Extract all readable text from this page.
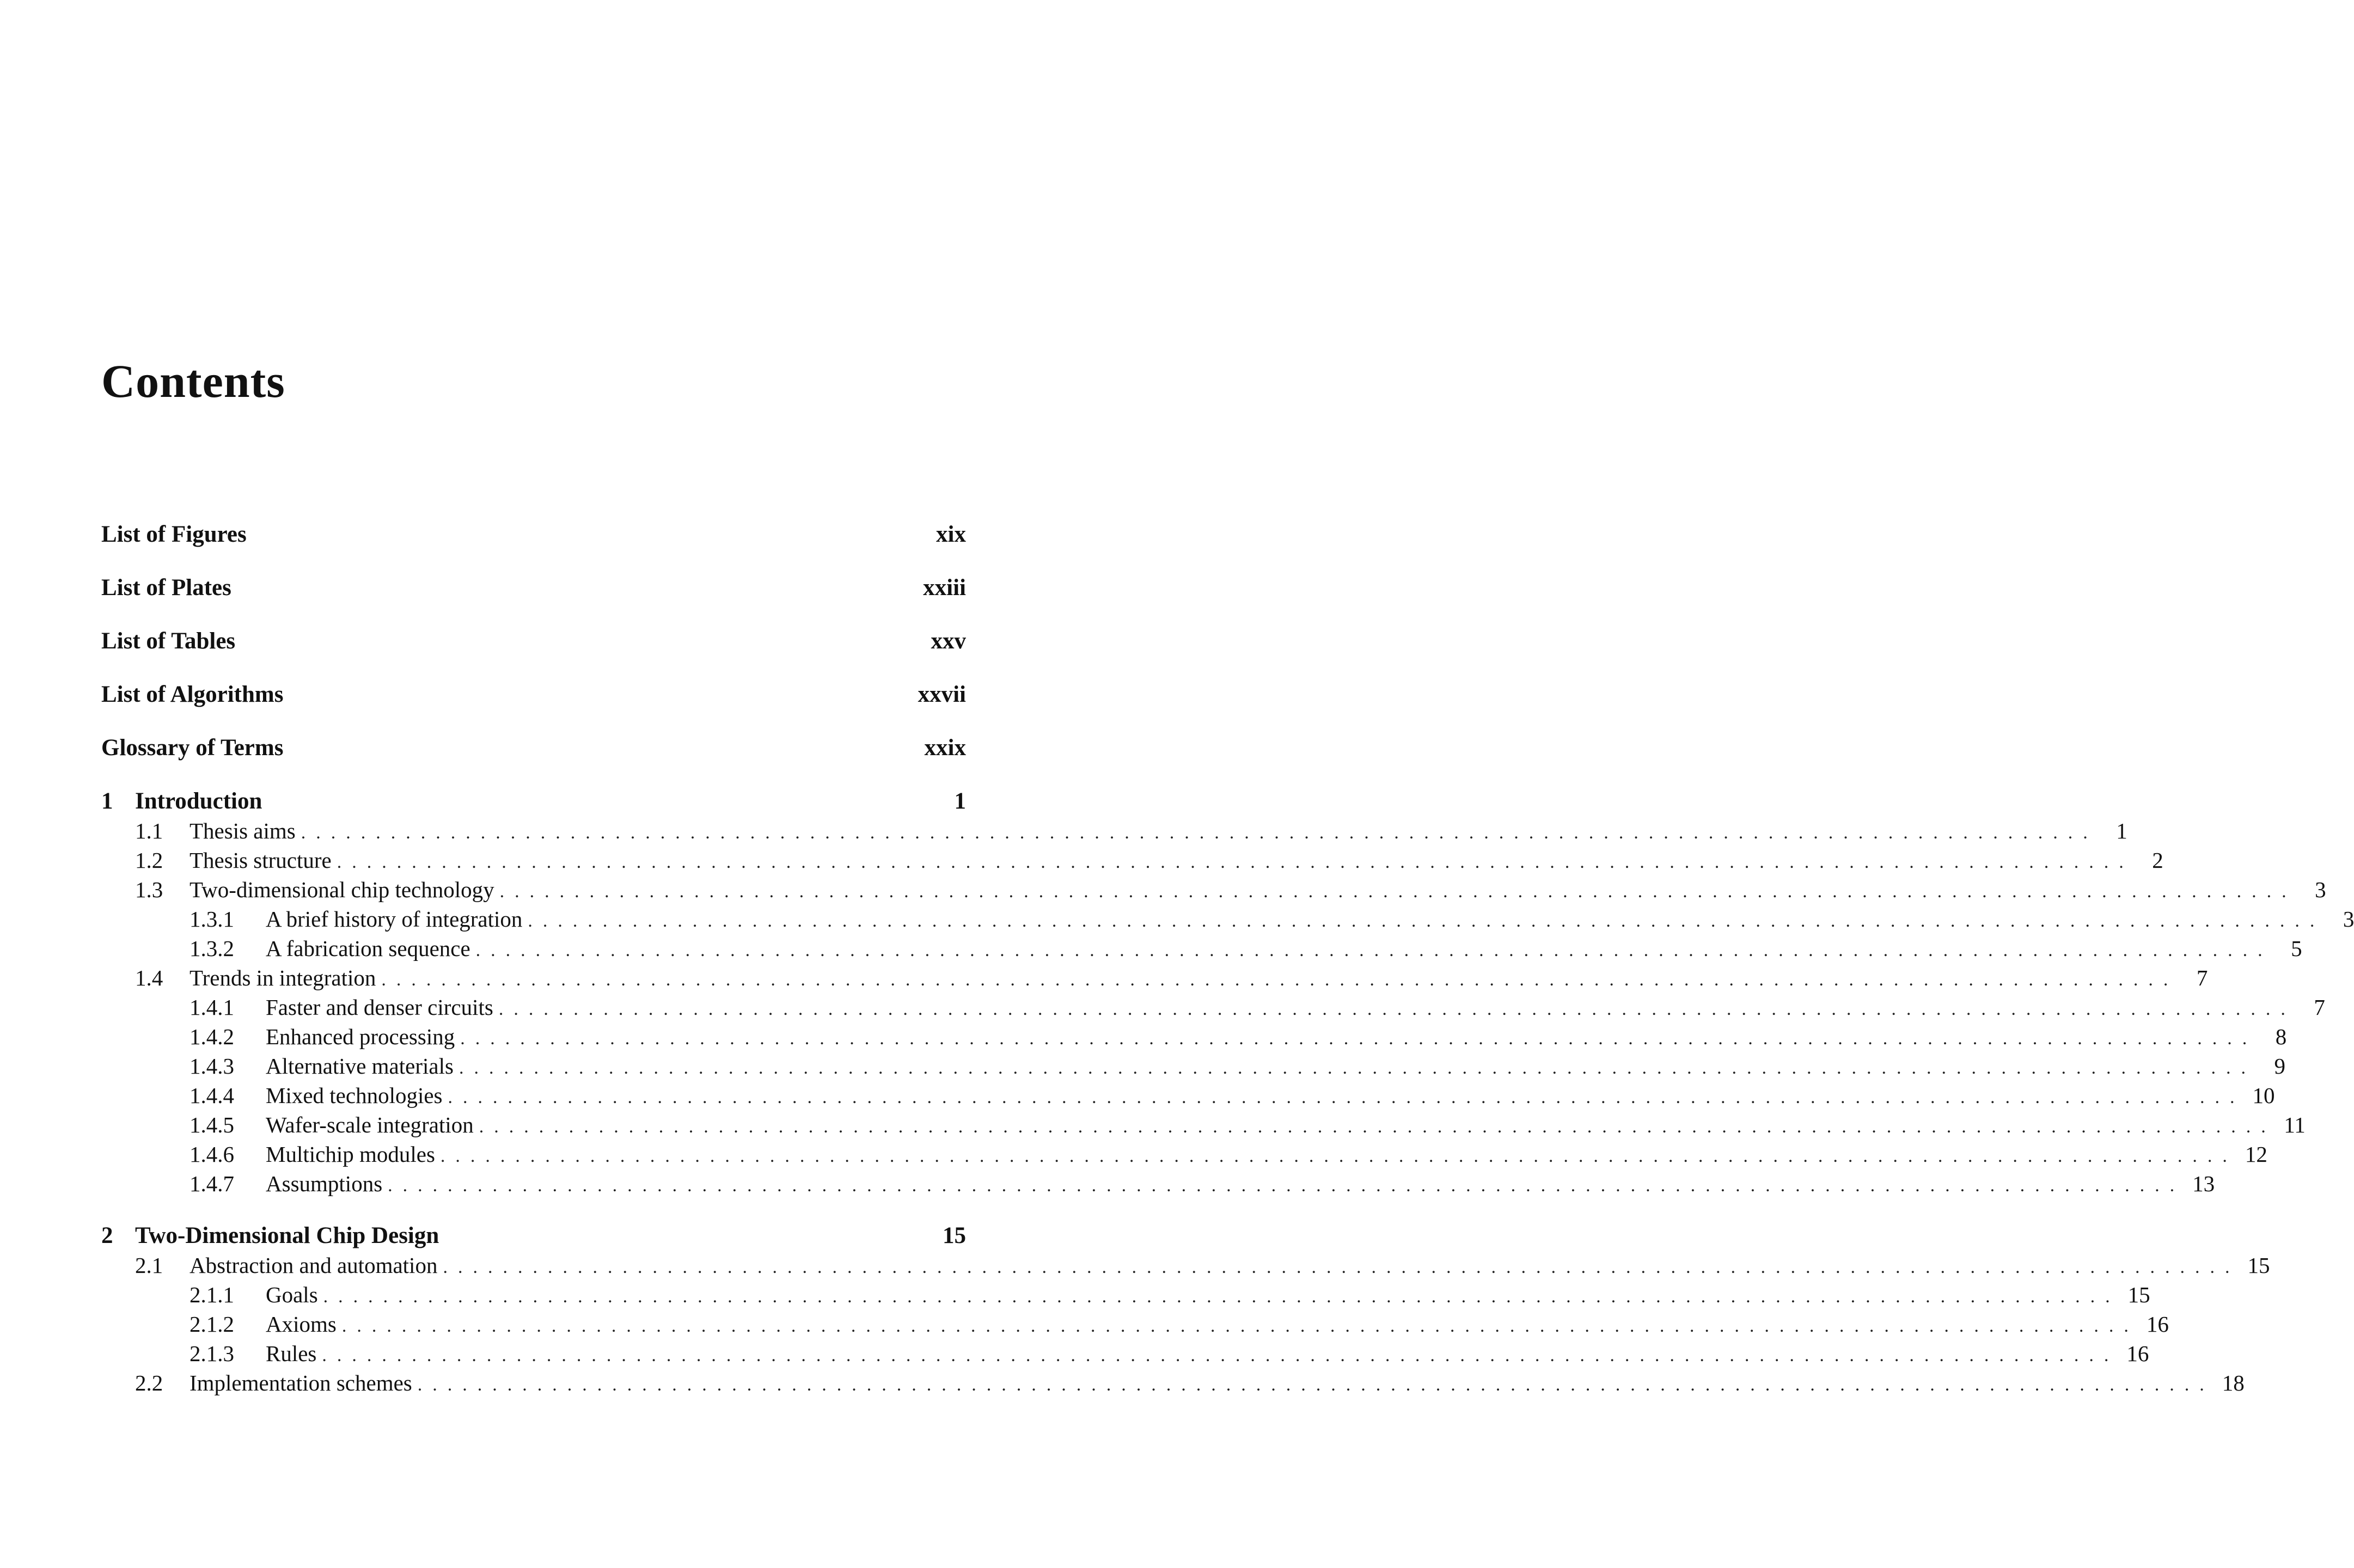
Contents
List of Figures	xix
List of Plates	xxiii
List of Tables	xxv
List of Algorithms	xxvii
Glossary of Terms	xxix
1 Introduction	1
1.1	Thesis aims ........................................................................................................................ 1
1.2	Thesis structure ........................................................................................................................ 2
1.3	Two-dimensional chip technology ........................................................................................................................ 3
1.3.1	A brief history of integration ........................................................................................................................ 3
1.3.2	A fabrication sequence ........................................................................................................................ 5
1.4	Trends in integration ........................................................................................................................ 7
1.4.1	Faster and denser circuits ........................................................................................................................ 7
1.4.2	Enhanced processing ........................................................................................................................ 8
1.4.3	Alternative materials ........................................................................................................................ 9
1.4.4	Mixed technologies ........................................................................................................................ 10
1.4.5	Wafer-scale integration ........................................................................................................................ 11
1.4.6	Multichip modules ........................................................................................................................ 12
1.4.7	Assumptions ........................................................................................................................ 13
2 Two-Dimensional Chip Design	15
2.1	Abstraction and automation ........................................................................................................................ 15
2.1.1	Goals ........................................................................................................................ 15
2.1.2	Axioms ........................................................................................................................ 16
2.1.3	Rules ........................................................................................................................ 16
2.2	Implementation schemes ........................................................................................................................ 18
